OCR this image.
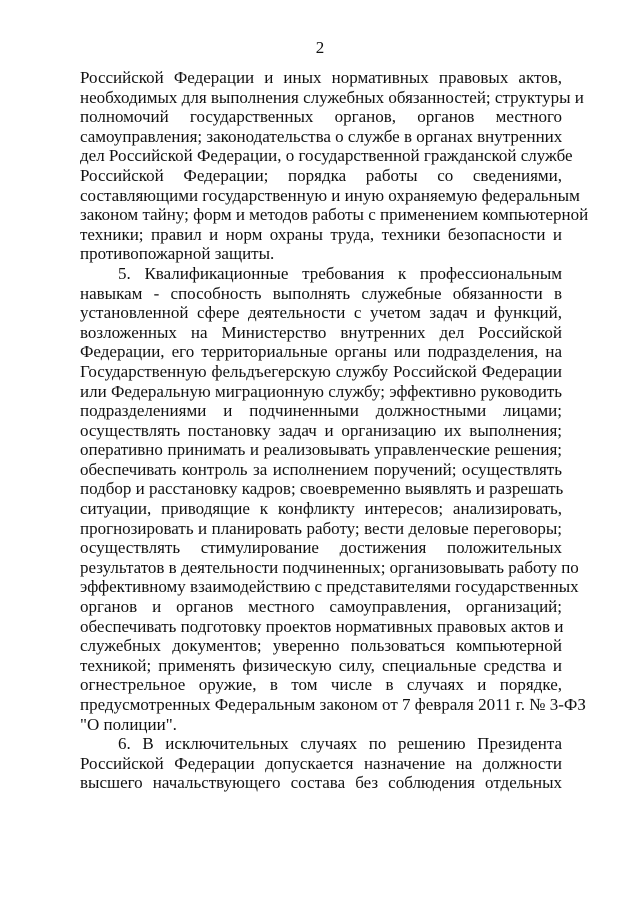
2
Российской Федерации и иных нормативных правовых актов,
необходимых для выполнения служебных обязанностей; структуры и
полномочий государственных органов, органов местного
самоуправления; законодательства о службе в органах внутренних
дел Российской Федерации, о государственной гражданской службе
Российской Федерации; порядка работы со сведениями,
составляющими государственную и иную охраняемую федеральным
законом тайну; форм и методов работы с применением компьютерной
техники; правил и норм охраны труда, техники безопасности и
противопожарной защиты.
5. Квалификационные требования к профессиональным
навыкам - способность выполнять служебные обязанности в
установленной сфере деятельности с учетом задач и функций,
возложенных на Министерство внутренних дел Российской
Федерации, его территориальные органы или подразделения, на
Государственную фельдъегерскую службу Российской Федерации
или Федеральную миграционную службу; эффективно руководить
подразделениями и подчиненными должностными лицами;
осуществлять постановку задач и организацию их выполнения;
оперативно принимать и реализовывать управленческие решения;
обеспечивать контроль за исполнением поручений; осуществлять
подбор и расстановку кадров; своевременно выявлять и разрешать
ситуации, приводящие к конфликту интересов; анализировать,
прогнозировать и планировать работу; вести деловые переговоры;
осуществлять стимулирование достижения положительных
результатов в деятельности подчиненных; организовывать работу по
эффективному взаимодействию с представителями государственных
органов и органов местного самоуправления, организаций;
обеспечивать подготовку проектов нормативных правовых актов и
служебных документов; уверенно пользоваться компьютерной
техникой; применять физическую силу, специальные средства и
огнестрельное оружие, в том числе в случаях и порядке,
предусмотренных Федеральным законом от 7 февраля 2011 г. № 3-ФЗ
"О полиции".
6. В исключительных случаях по решению Президента
Российской Федерации допускается назначение на должности
высшего начальствующего состава без соблюдения отдельных
